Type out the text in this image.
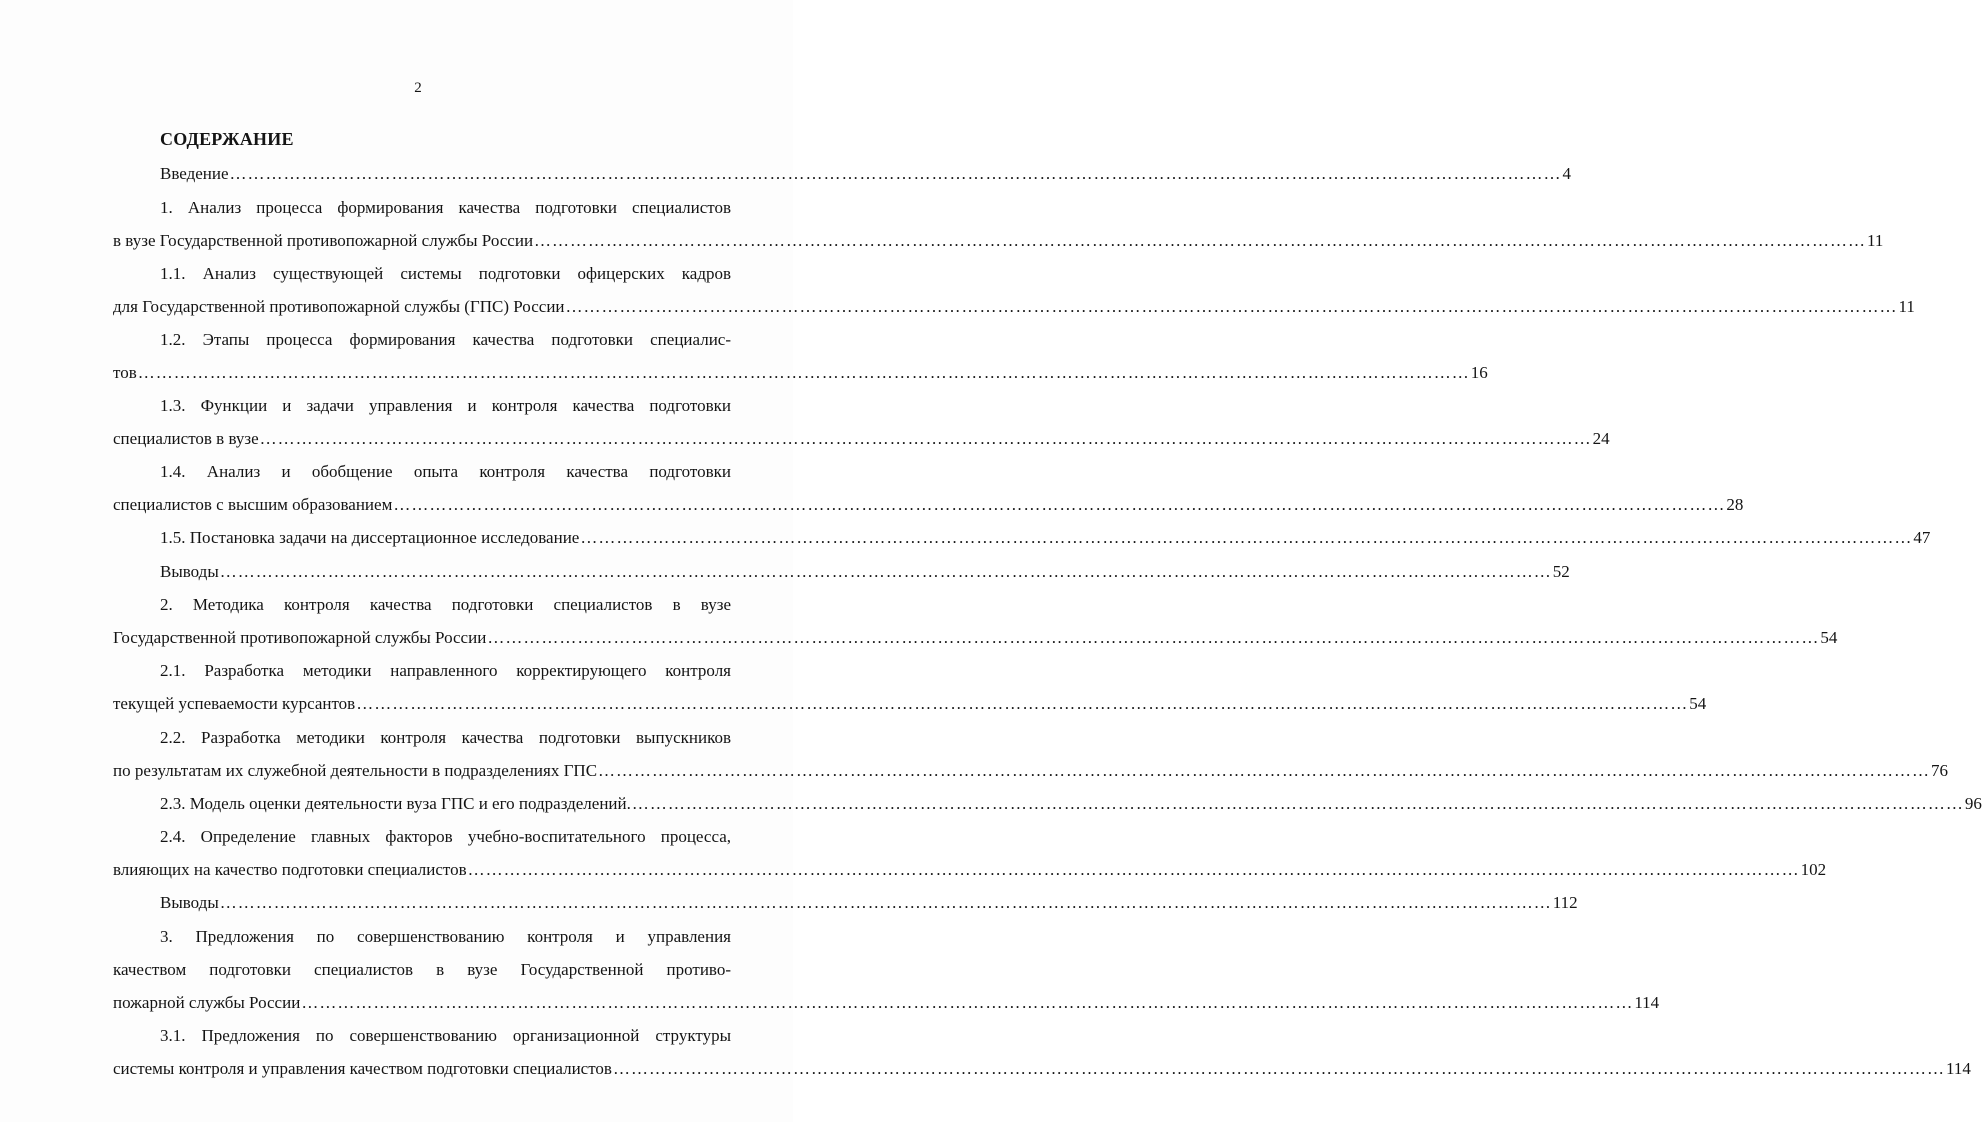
2
СОДЕРЖАНИЕ
Введение …………………………………………………………………………………………………………………………………………………………………………………………………… 4
1. Анализ процесса формирования качества подготовки специалистов
в вузе Государственной противопожарной службы России …………………………………………………………………………………………………………………………………………………………………………………………………… 11
1.1. Анализ существующей системы подготовки офицерских кадров
для Государственной противопожарной службы (ГПС) России …………………………………………………………………………………………………………………………………………………………………………………………………… 11
1.2. Этапы процесса формирования качества подготовки специалис-
тов …………………………………………………………………………………………………………………………………………………………………………………………………… 16
1.3. Функции и задачи управления и контроля качества подготовки
специалистов в вузе …………………………………………………………………………………………………………………………………………………………………………………………………… 24
1.4. Анализ и обобщение опыта контроля качества подготовки
специалистов с высшим образованием …………………………………………………………………………………………………………………………………………………………………………………………………… 28
1.5. Постановка задачи на диссертационное исследование …………………………………………………………………………………………………………………………………………………………………………………………………… 47
Выводы …………………………………………………………………………………………………………………………………………………………………………………………………… 52
2. Методика контроля качества подготовки специалистов в вузе
Государственной противопожарной службы России …………………………………………………………………………………………………………………………………………………………………………………………………… 54
2.1. Разработка методики направленного корректирующего контроля
текущей успеваемости курсантов …………………………………………………………………………………………………………………………………………………………………………………………………… 54
2.2. Разработка методики контроля качества подготовки выпускников
по результатам их служебной деятельности в подразделениях ГПС …………………………………………………………………………………………………………………………………………………………………………………………………… 76
2.3. Модель оценки деятельности вуза ГПС и его подразделений. …………………………………………………………………………………………………………………………………………………………………………………………………… 96
2.4. Определение главных факторов учебно-воспитательного процесса,
влияющих на качество подготовки специалистов …………………………………………………………………………………………………………………………………………………………………………………………………… 102
Выводы …………………………………………………………………………………………………………………………………………………………………………………………………… 112
3. Предложения по совершенствованию контроля и управления
качеством подготовки специалистов в вузе Государственной противо-
пожарной службы России …………………………………………………………………………………………………………………………………………………………………………………………………… 114
3.1. Предложения по совершенствованию организационной структуры
системы контроля и управления качеством подготовки специалистов …………………………………………………………………………………………………………………………………………………………………………………………………… 114
